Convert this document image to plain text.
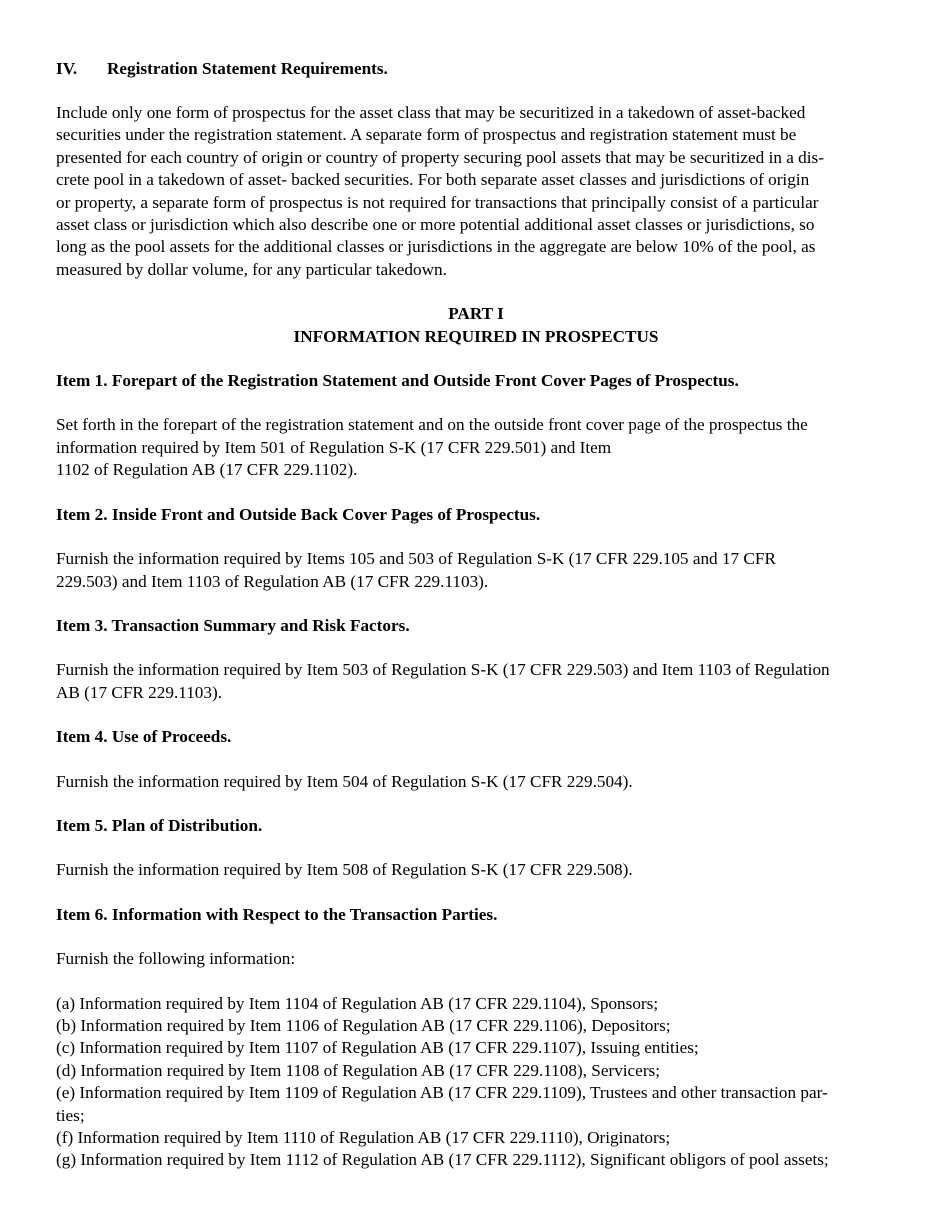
IV. Registration Statement Requirements.

Include only one form of prospectus for the asset class that may be securitized in a takedown of asset-backed
securities under the registration statement. A separate form of prospectus and registration statement must be
presented for each country of origin or country of property securing pool assets that may be securitized in a dis-
crete pool in a takedown of asset- backed securities. For both separate asset classes and jurisdictions of origin
or property, a separate form of prospectus is not required for transactions that principally consist of a particular
asset class or jurisdiction which also describe one or more potential additional asset classes or jurisdictions, so
long as the pool assets for the additional classes or jurisdictions in the aggregate are below 10% of the pool, as
measured by dollar volume, for any particular takedown.

PART I
INFORMATION REQUIRED IN PROSPECTUS
Item 1. Forepart of the Registration Statement and Outside Front Cover Pages of Prospectus.

Set forth in the forepart of the registration statement and on the outside front cover page of the prospectus the
information required by Item 501 of Regulation S-K (17 CFR 229.501) and Item
1102 of Regulation AB (17 CFR 229.1102).

Item 2. Inside Front and Outside Back Cover Pages of Prospectus.

Furnish the information required by Items 105 and 503 of Regulation S-K (17 CFR 229.105 and 17 CFR
229.503) and Item 1103 of Regulation AB (17 CFR 229.1103).

Item 3. Transaction Summary and Risk Factors.

Furnish the information required by Item 503 of Regulation S-K (17 CFR 229.503) and Item 1103 of Regulation
AB (17 CFR 229.1103).

Item 4. Use of Proceeds.

Furnish the information required by Item 504 of Regulation S-K (17 CFR 229.504).

Item 5. Plan of Distribution.

Furnish the information required by Item 508 of Regulation S-K (17 CFR 229.508).

Item 6. Information with Respect to the Transaction Parties.

Furnish the following information:

(a) Information required by Item 1104 of Regulation AB (17 CFR 229.1104), Sponsors;
(b) Information required by Item 1106 of Regulation AB (17 CFR 229.1106), Depositors;
(c) Information required by Item 1107 of Regulation AB (17 CFR 229.1107), Issuing entities;
(d) Information required by Item 1108 of Regulation AB (17 CFR 229.1108), Servicers;
(e) Information required by Item 1109 of Regulation AB (17 CFR 229.1109), Trustees and other transaction par-
ties;
(f) Information required by Item 1110 of Regulation AB (17 CFR 229.1110), Originators;
(g) Information required by Item 1112 of Regulation AB (17 CFR 229.1112), Significant obligors of pool assets;
